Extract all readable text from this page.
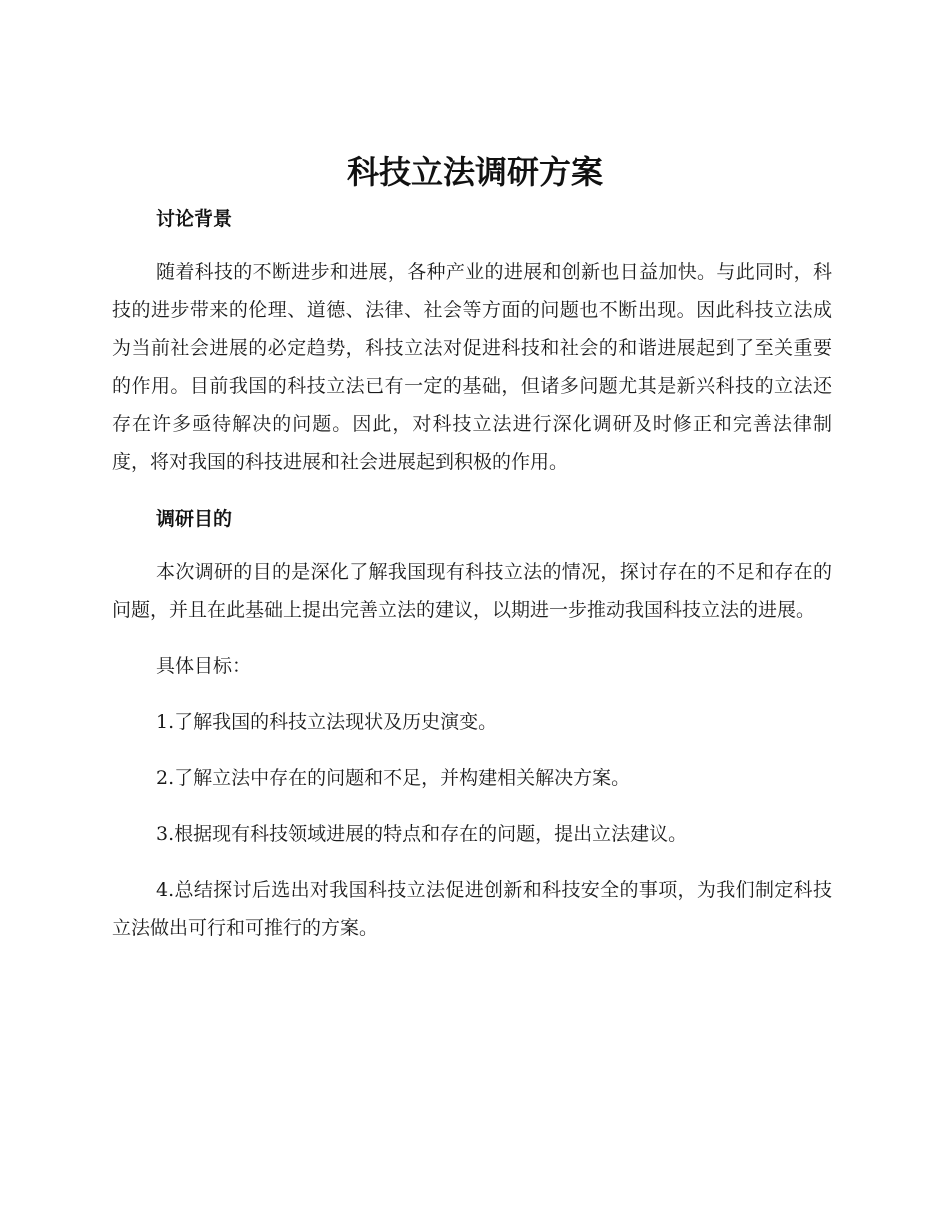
科技立法调研方案
讨论背景

随着科技的不断进步和进展，各种产业的进展和创新也日益加快。与此同时，科技的进步带来的伦理、道德、法律、社会等方面的问题也不断出现。因此科技立法成为当前社会进展的必定趋势，科技立法对促进科技和社会的和谐进展起到了至关重要的作用。目前我国的科技立法已有一定的基础，但诸多问题尤其是新兴科技的立法还存在许多亟待解决的问题。因此，对科技立法进行深化调研及时修正和完善法律制度，将对我国的科技进展和社会进展起到积极的作用。

调研目的

本次调研的目的是深化了解我国现有科技立法的情况，探讨存在的不足和存在的问题，并且在此基础上提出完善立法的建议，以期进一步推动我国科技立法的进展。

具体目标：

1.了解我国的科技立法现状及历史演变。

2.了解立法中存在的问题和不足，并构建相关解决方案。

3.根据现有科技领域进展的特点和存在的问题，提出立法建议。

4.总结探讨后选出对我国科技立法促进创新和科技安全的事项，为我们制定科技立法做出可行和可推行的方案。
